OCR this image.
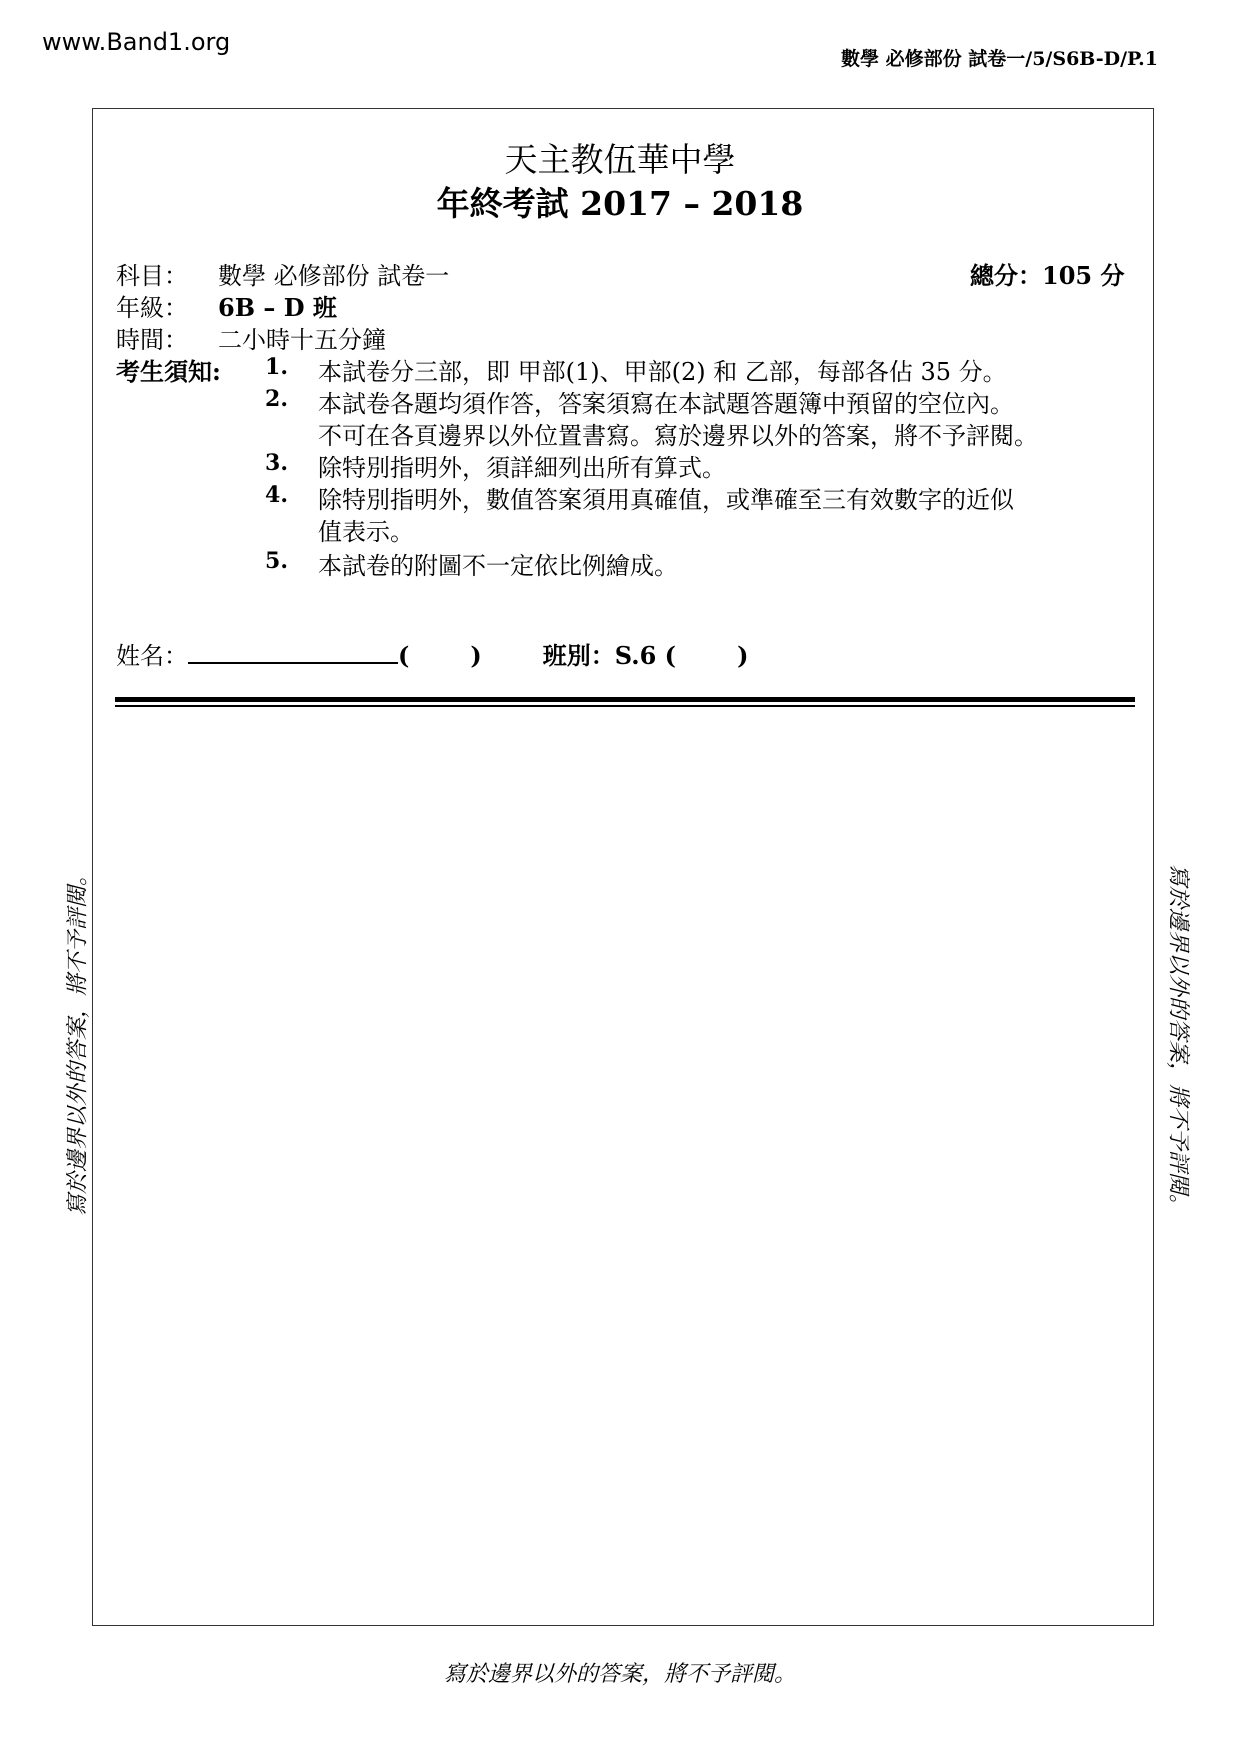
www.Band1.org
數學 必修部份 試卷一/5/S6B-D/P.1
天主教伍華中學
年終考試 2017 – 2018
科目： 數學 必修部份 試卷一	總分：105 分
年級： 6B – D 班
時間： 二小時十五分鐘
考生須知:	1. 本試卷分三部，即 甲部(1)、甲部(2) 和 乙部，每部各佔 35 分。
2. 本試卷各題均須作答，答案須寫在本試題答題簿中預留的空位內。
不可在各頁邊界以外位置書寫。寫於邊界以外的答案，將不予評閱。
3. 除特別指明外，須詳細列出所有算式。
4. 除特別指明外，數值答案須用真確值，或準確至三有效數字的近似
值表示。
5. 本試卷的附圖不一定依比例繪成。
姓名：	(	)	班別：S.6 (	)
寫於邊界以外的答案，將不予評閱。	寫於邊界以外的答案，將不予評閱。
寫於邊界以外的答案，將不予評閱。
